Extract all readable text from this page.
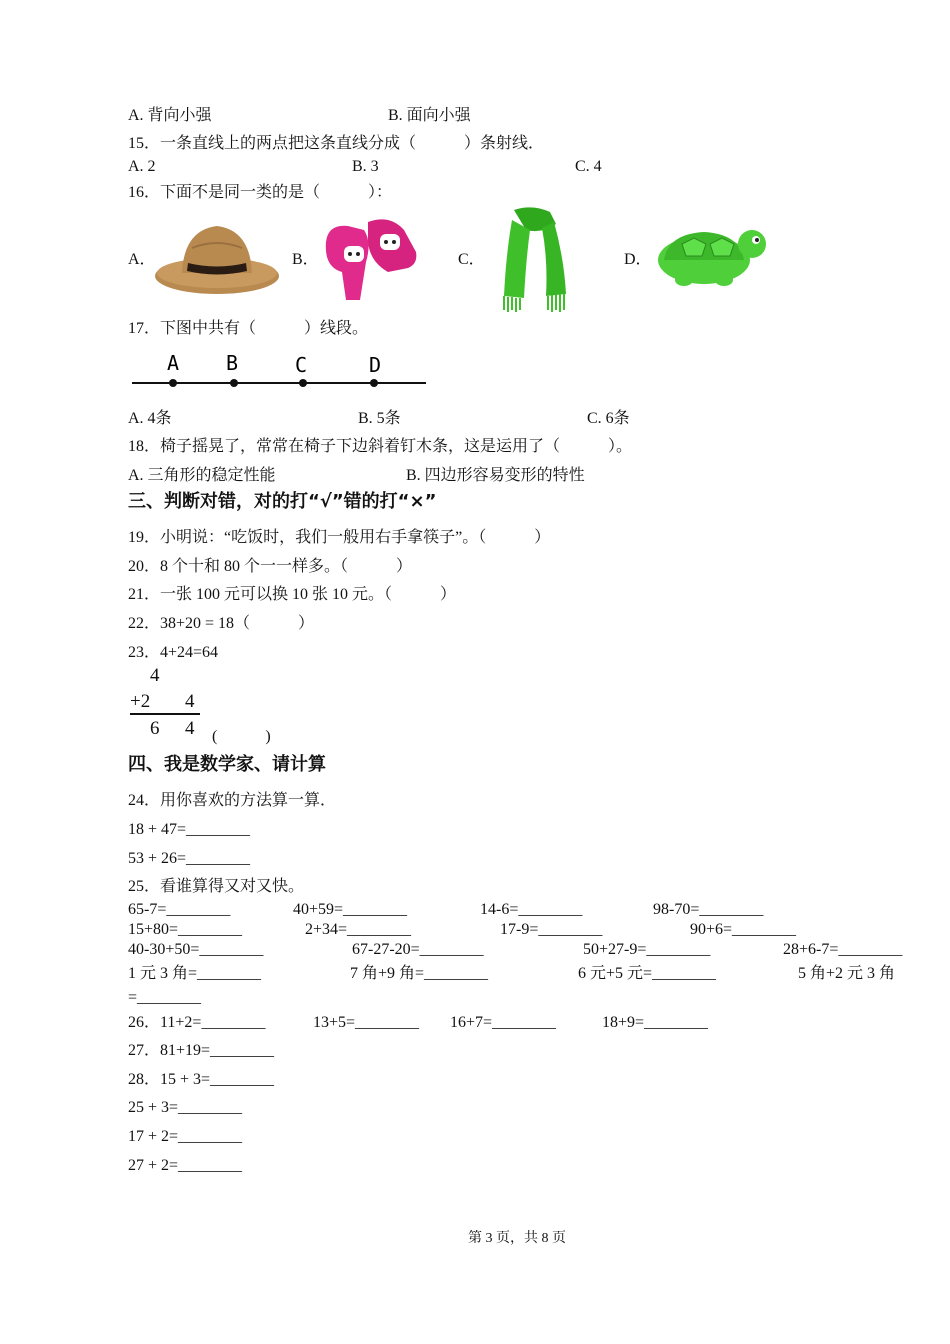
A. 背向小强	B. 面向小强
15．一条直线上的两点把这条直线分成（　　　）条射线．
A. 2	B. 3	C. 4
16．下面不是同一类的是（　　　）：
A．	B．	C．	D．
17．下图中共有（　　　）线段。
A B	C	D
A. 4条	B. 5条	C. 6条
18．椅子摇晃了，常常在椅子下边斜着钉木条，这是运用了（　　　）。
A. 三角形的稳定性能	B. 四边形容易变形的特性
三、判断对错，对的打“√”错的打“×”
19．小明说：“吃饭时，我们一般用右手拿筷子”。（　　　）
20．8 个十和 80 个一一样多。（　　　）
21．一张 100 元可以换 10 张 10 元。（　　　）
22．38+20 = 18（　　　）
23．4+24=64
4
+2 4
6 4 (　　　)
四、我是数学家、请计算
24．用你喜欢的方法算一算．
18 + 47=________
53 + 26=________
25．看谁算得又对又快。
65-7=________	40+59=________	14-6=________	98-70=________
15+80=________	2+34=________	17-9=________	90+6=________
40-30+50=________	67-27-20=________	50+27-9=________	28+6-7=________
1 元 3 角=________	7 角+9 角=________	6 元+5 元=________	5 角+2 元 3 角
=________
26．11+2=________	13+5=________ 16+7=________	18+9=________
27．81+19=________
28．15 + 3=________
25 + 3=________
17 + 2=________
27 + 2=________
第 3 页，共 8 页
